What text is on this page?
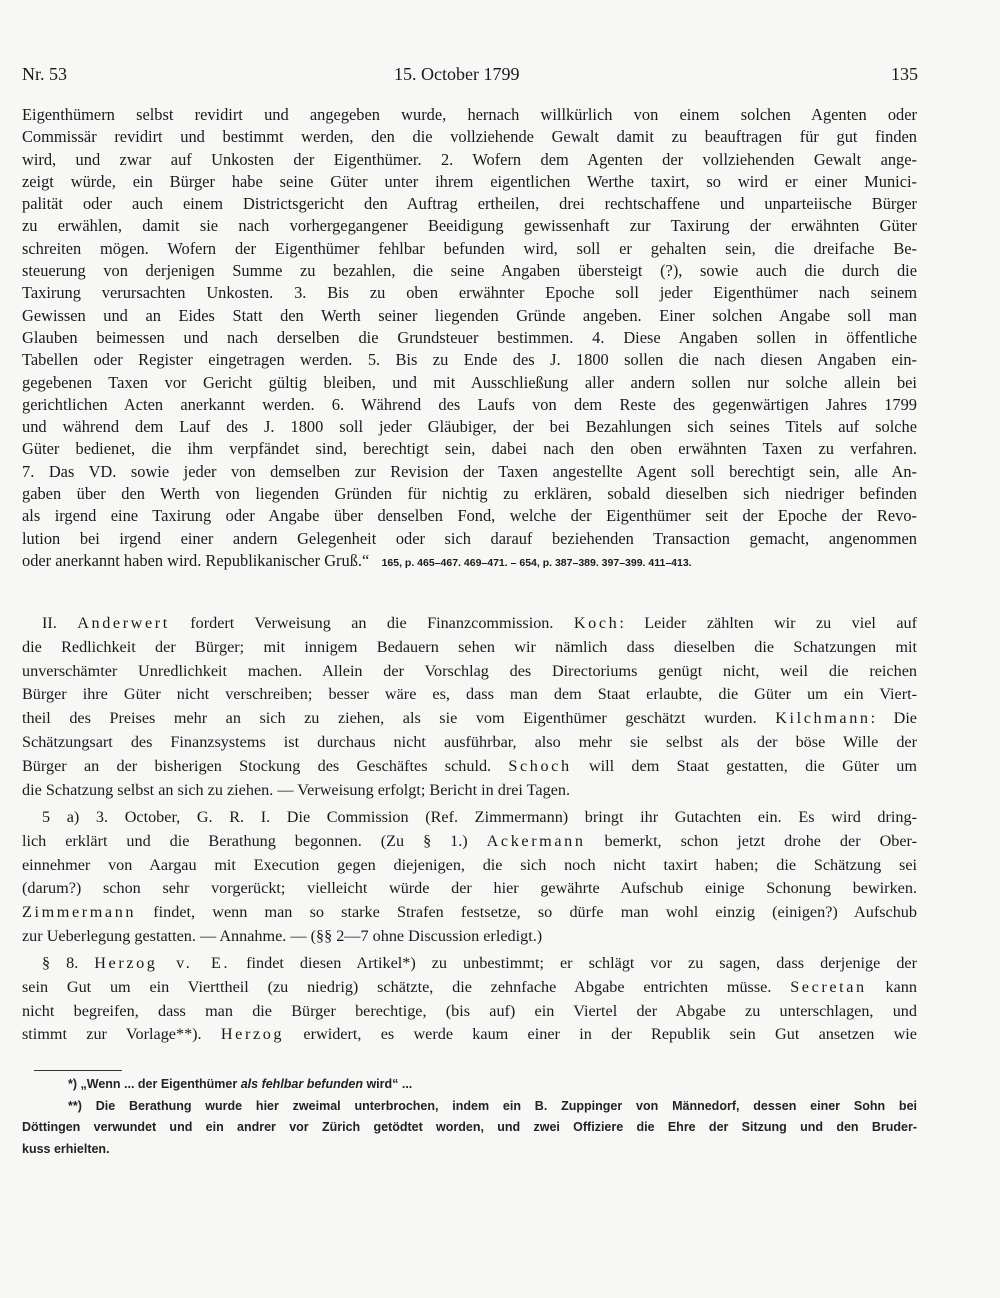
Nr. 53	15. October 1799	135
Eigenthümern selbst revidirt und angegeben wurde, hernach willkürlich von einem solchen Agenten oder
Commissär revidirt und bestimmt werden, den die vollziehende Gewalt damit zu beauftragen für gut finden
wird, und zwar auf Unkosten der Eigenthümer. 2. Wofern dem Agenten der vollziehenden Gewalt ange-
zeigt würde, ein Bürger habe seine Güter unter ihrem eigentlichen Werthe taxirt, so wird er einer Munici-
palität oder auch einem Districtsgericht den Auftrag ertheilen, drei rechtschaffene und unparteiische Bürger
zu erwählen, damit sie nach vorhergegangener Beeidigung gewissenhaft zur Taxirung der erwähnten Güter
schreiten mögen. Wofern der Eigenthümer fehlbar befunden wird, soll er gehalten sein, die dreifache Be-
steuerung von derjenigen Summe zu bezahlen, die seine Angaben übersteigt (?), sowie auch die durch die
Taxirung verursachten Unkosten. 3. Bis zu oben erwähnter Epoche soll jeder Eigenthümer nach seinem
Gewissen und an Eides Statt den Werth seiner liegenden Gründe angeben. Einer solchen Angabe soll man
Glauben beimessen und nach derselben die Grundsteuer bestimmen. 4. Diese Angaben sollen in öffentliche
Tabellen oder Register eingetragen werden. 5. Bis zu Ende des J. 1800 sollen die nach diesen Angaben ein-
gegebenen Taxen vor Gericht gültig bleiben, und mit Ausschließung aller andern sollen nur solche allein bei
gerichtlichen Acten anerkannt werden. 6. Während des Laufs von dem Reste des gegenwärtigen Jahres 1799
und während dem Lauf des J. 1800 soll jeder Gläubiger, der bei Bezahlungen sich seines Titels auf solche
Güter bedienet, die ihm verpfändet sind, berechtigt sein, dabei nach den oben erwähnten Taxen zu verfahren.
7. Das VD. sowie jeder von demselben zur Revision der Taxen angestellte Agent soll berechtigt sein, alle An-
gaben über den Werth von liegenden Gründen für nichtig zu erklären, sobald dieselben sich niedriger befinden
als irgend eine Taxirung oder Angabe über denselben Fond, welche der Eigenthümer seit der Epoche der Revo-
lution bei irgend einer andern Gelegenheit oder sich darauf beziehenden Transaction gemacht, angenommen
oder anerkannt haben wird. Republikanischer Gruß.“ 165, p. 465–467. 469–471. – 654, p. 387–389. 397–399. 411–413.
II. Anderwert fordert Verweisung an die Finanzcommission. Koch: Leider zählten wir zu viel auf
die Redlichkeit der Bürger; mit innigem Bedauern sehen wir nämlich dass dieselben die Schatzungen mit
unverschämter Unredlichkeit machen. Allein der Vorschlag des Directoriums genügt nicht, weil die reichen
Bürger ihre Güter nicht verschreiben; besser wäre es, dass man dem Staat erlaubte, die Güter um ein Viert-
theil des Preises mehr an sich zu ziehen, als sie vom Eigenthümer geschätzt wurden. Kilchmann: Die
Schätzungsart des Finanzsystems ist durchaus nicht ausführbar, also mehr sie selbst als der böse Wille der
Bürger an der bisherigen Stockung des Geschäftes schuld. Schoch will dem Staat gestatten, die Güter um
die Schatzung selbst an sich zu ziehen. — Verweisung erfolgt; Bericht in drei Tagen.
5 a) 3. October, G. R. I. Die Commission (Ref. Zimmermann) bringt ihr Gutachten ein. Es wird dring-
lich erklärt und die Berathung begonnen. (Zu § 1.) Ackermann bemerkt, schon jetzt drohe der Ober-
einnehmer von Aargau mit Execution gegen diejenigen, die sich noch nicht taxirt haben; die Schätzung sei
(darum?) schon sehr vorgerückt; vielleicht würde der hier gewährte Aufschub einige Schonung bewirken.
Zimmermann findet, wenn man so starke Strafen festsetze, so dürfe man wohl einzig (einigen?) Aufschub
zur Ueberlegung gestatten. — Annahme. — (§§ 2—7 ohne Discussion erledigt.)
§ 8. Herzog v. E. findet diesen Artikel*) zu unbestimmt; er schlägt vor zu sagen, dass derjenige der
sein Gut um ein Vierttheil (zu niedrig) schätzte, die zehnfache Abgabe entrichten müsse. Secretan kann
nicht begreifen, dass man die Bürger berechtige, (bis auf) ein Viertel der Abgabe zu unterschlagen, und
stimmt zur Vorlage**). Herzog erwidert, es werde kaum einer in der Republik sein Gut ansetzen wie
*) „Wenn ... der Eigenthümer als fehlbar befunden wird“ ...
**) Die Berathung wurde hier zweimal unterbrochen, indem ein B. Zuppinger von Männedorf, dessen einer Sohn bei
Döttingen verwundet und ein andrer vor Zürich getödtet worden, und zwei Offiziere die Ehre der Sitzung und den Bruder-
kuss erhielten.
